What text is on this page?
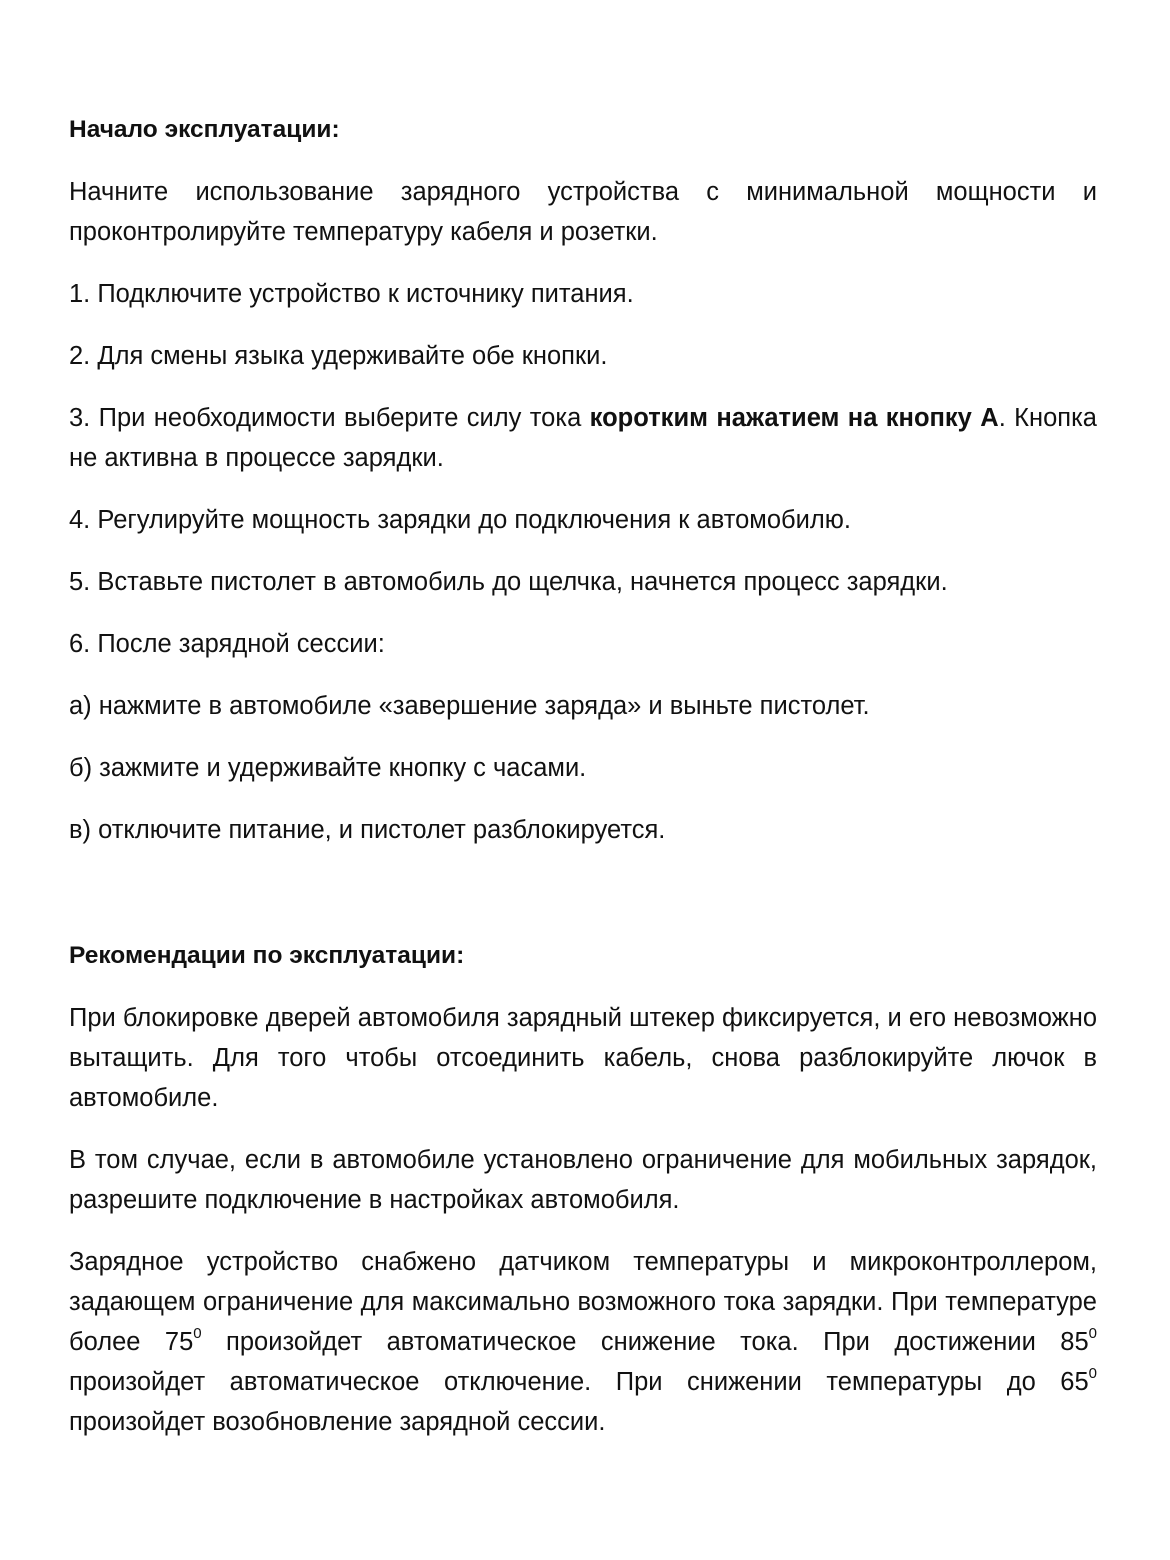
Начало эксплуатации:

Начните использование зарядного устройства с минимальной мощности и проконтролируйте температуру кабеля и розетки.

1. Подключите устройство к источнику питания.

2. Для смены языка удерживайте обе кнопки.

3. При необходимости выберите силу тока коротким нажатием на кнопку А. Кнопка не активна в процессе зарядки.

4. Регулируйте мощность зарядки до подключения к автомобилю.

5. Вставьте пистолет в автомобиль до щелчка, начнется процесс зарядки.

6. После зарядной сессии:

а) нажмите в автомобиле «завершение заряда» и выньте пистолет.

б) зажмите и удерживайте кнопку с часами.

в) отключите питание, и пистолет разблокируется.

Рекомендации по эксплуатации:

При блокировке дверей автомобиля зарядный штекер фиксируется, и его невозможно вытащить. Для того чтобы отсоединить кабель, снова разблокируйте лючок в автомобиле.

В том случае, если в автомобиле установлено ограничение для мобильных зарядок, разрешите подключение в настройках автомобиля.

Зарядное устройство снабжено датчиком температуры и микроконтроллером, задающем ограничение для максимально возможного тока зарядки. При температуре более $75^0$ произойдет автоматическое снижение тока. При достижении $85^0$ произойдет автоматическое отключение. При снижении температуры до $65^0$ произойдет возобновление зарядной сессии.
